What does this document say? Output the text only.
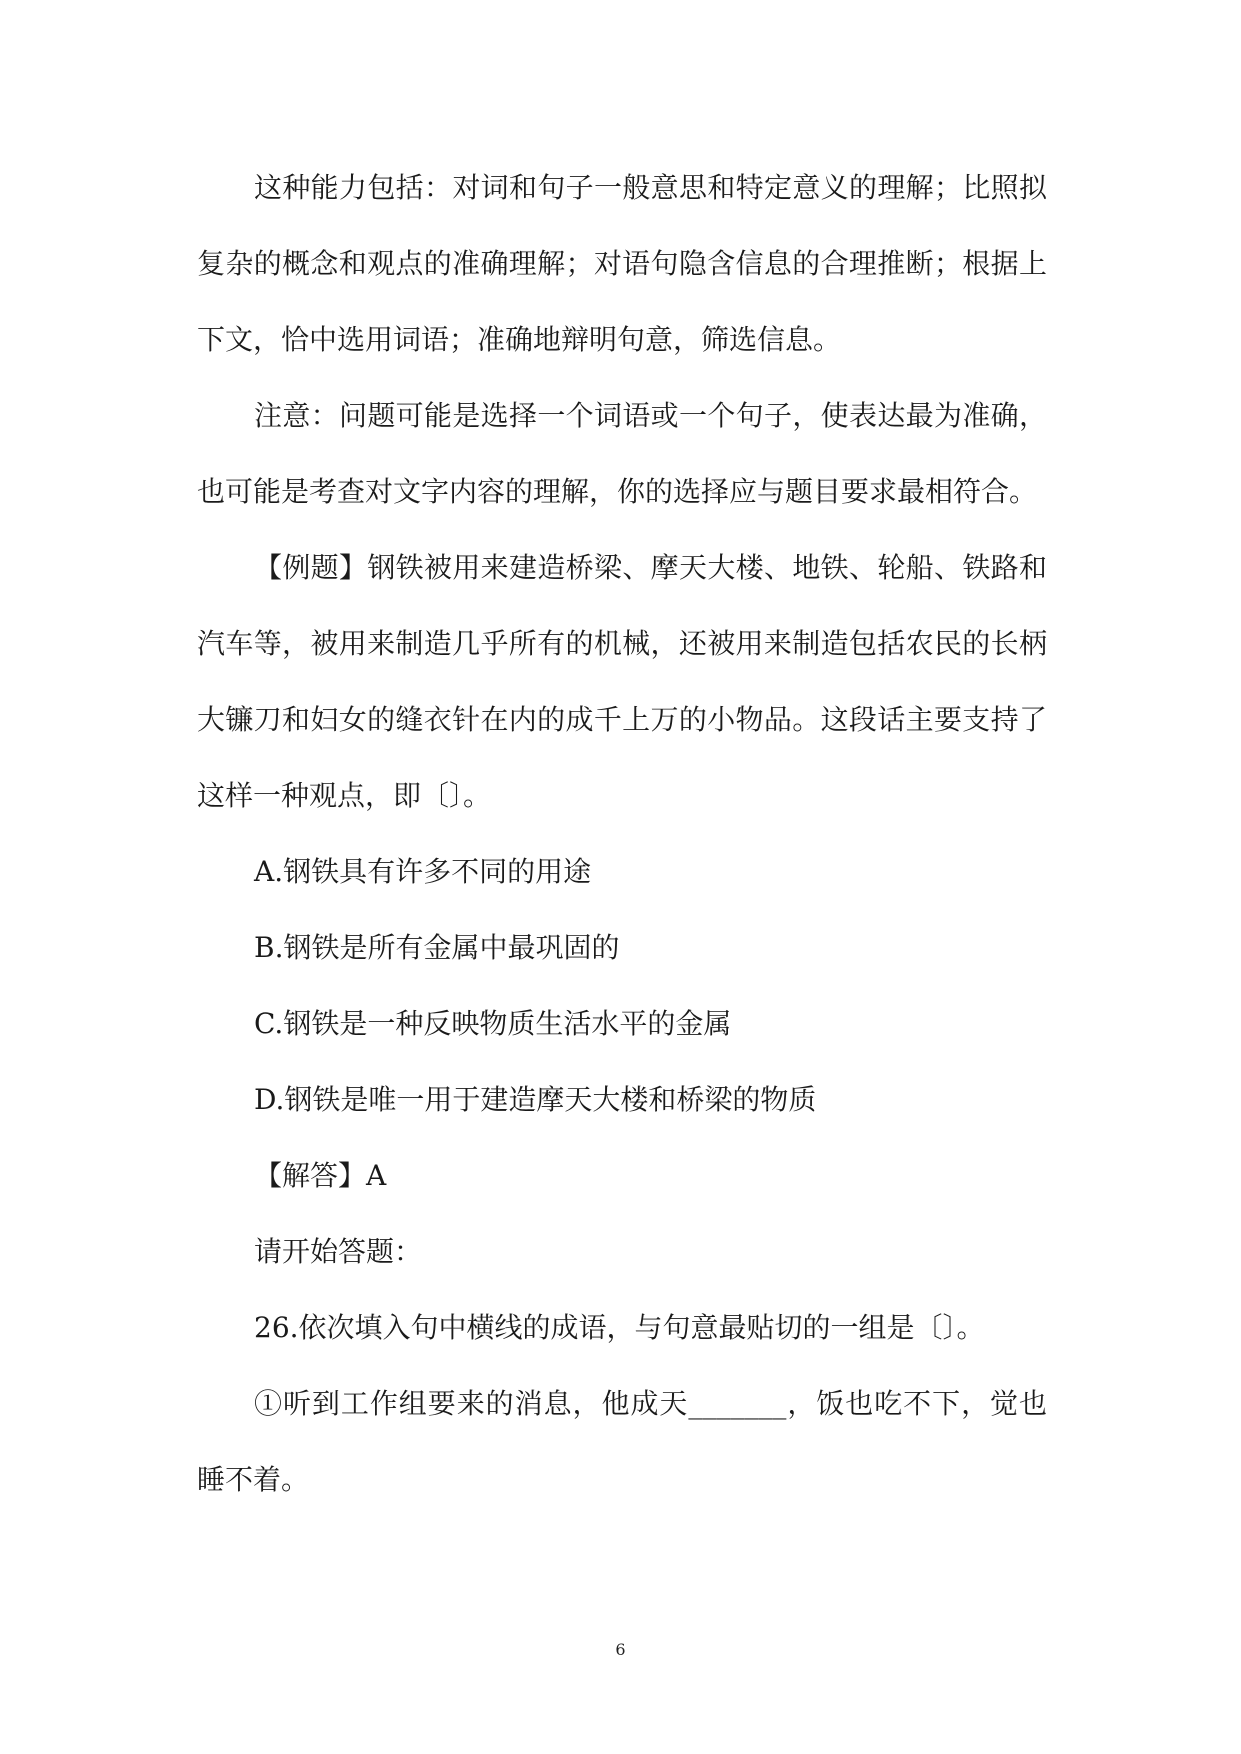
这种能力包括：对词和句子一般意思和特定意义的理解；比照拟复杂的概念和观点的准确理解；对语句隐含信息的合理推断；根据上下文，恰中选用词语；准确地辩明句意，筛选信息。

注意：问题可能是选择一个词语或一个句子，使表达最为准确，也可能是考查对文字内容的理解，你的选择应与题目要求最相符合。

【例题】钢铁被用来建造桥梁、摩天大楼、地铁、轮船、铁路和汽车等，被用来制造几乎所有的机械，还被用来制造包括农民的长柄大镰刀和妇女的缝衣针在内的成千上万的小物品。这段话主要支持了这样一种观点，即〔〕。

A.钢铁具有许多不同的用途

B.钢铁是所有金属中最巩固的

C.钢铁是一种反映物质生活水平的金属

D.钢铁是唯一用于建造摩天大楼和桥梁的物质

【解答】A

请开始答题：

26.依次填入句中横线的成语，与句意最贴切的一组是〔〕。

①听到工作组要来的消息，他成天_______，饭也吃不下，觉也睡不着。

6
